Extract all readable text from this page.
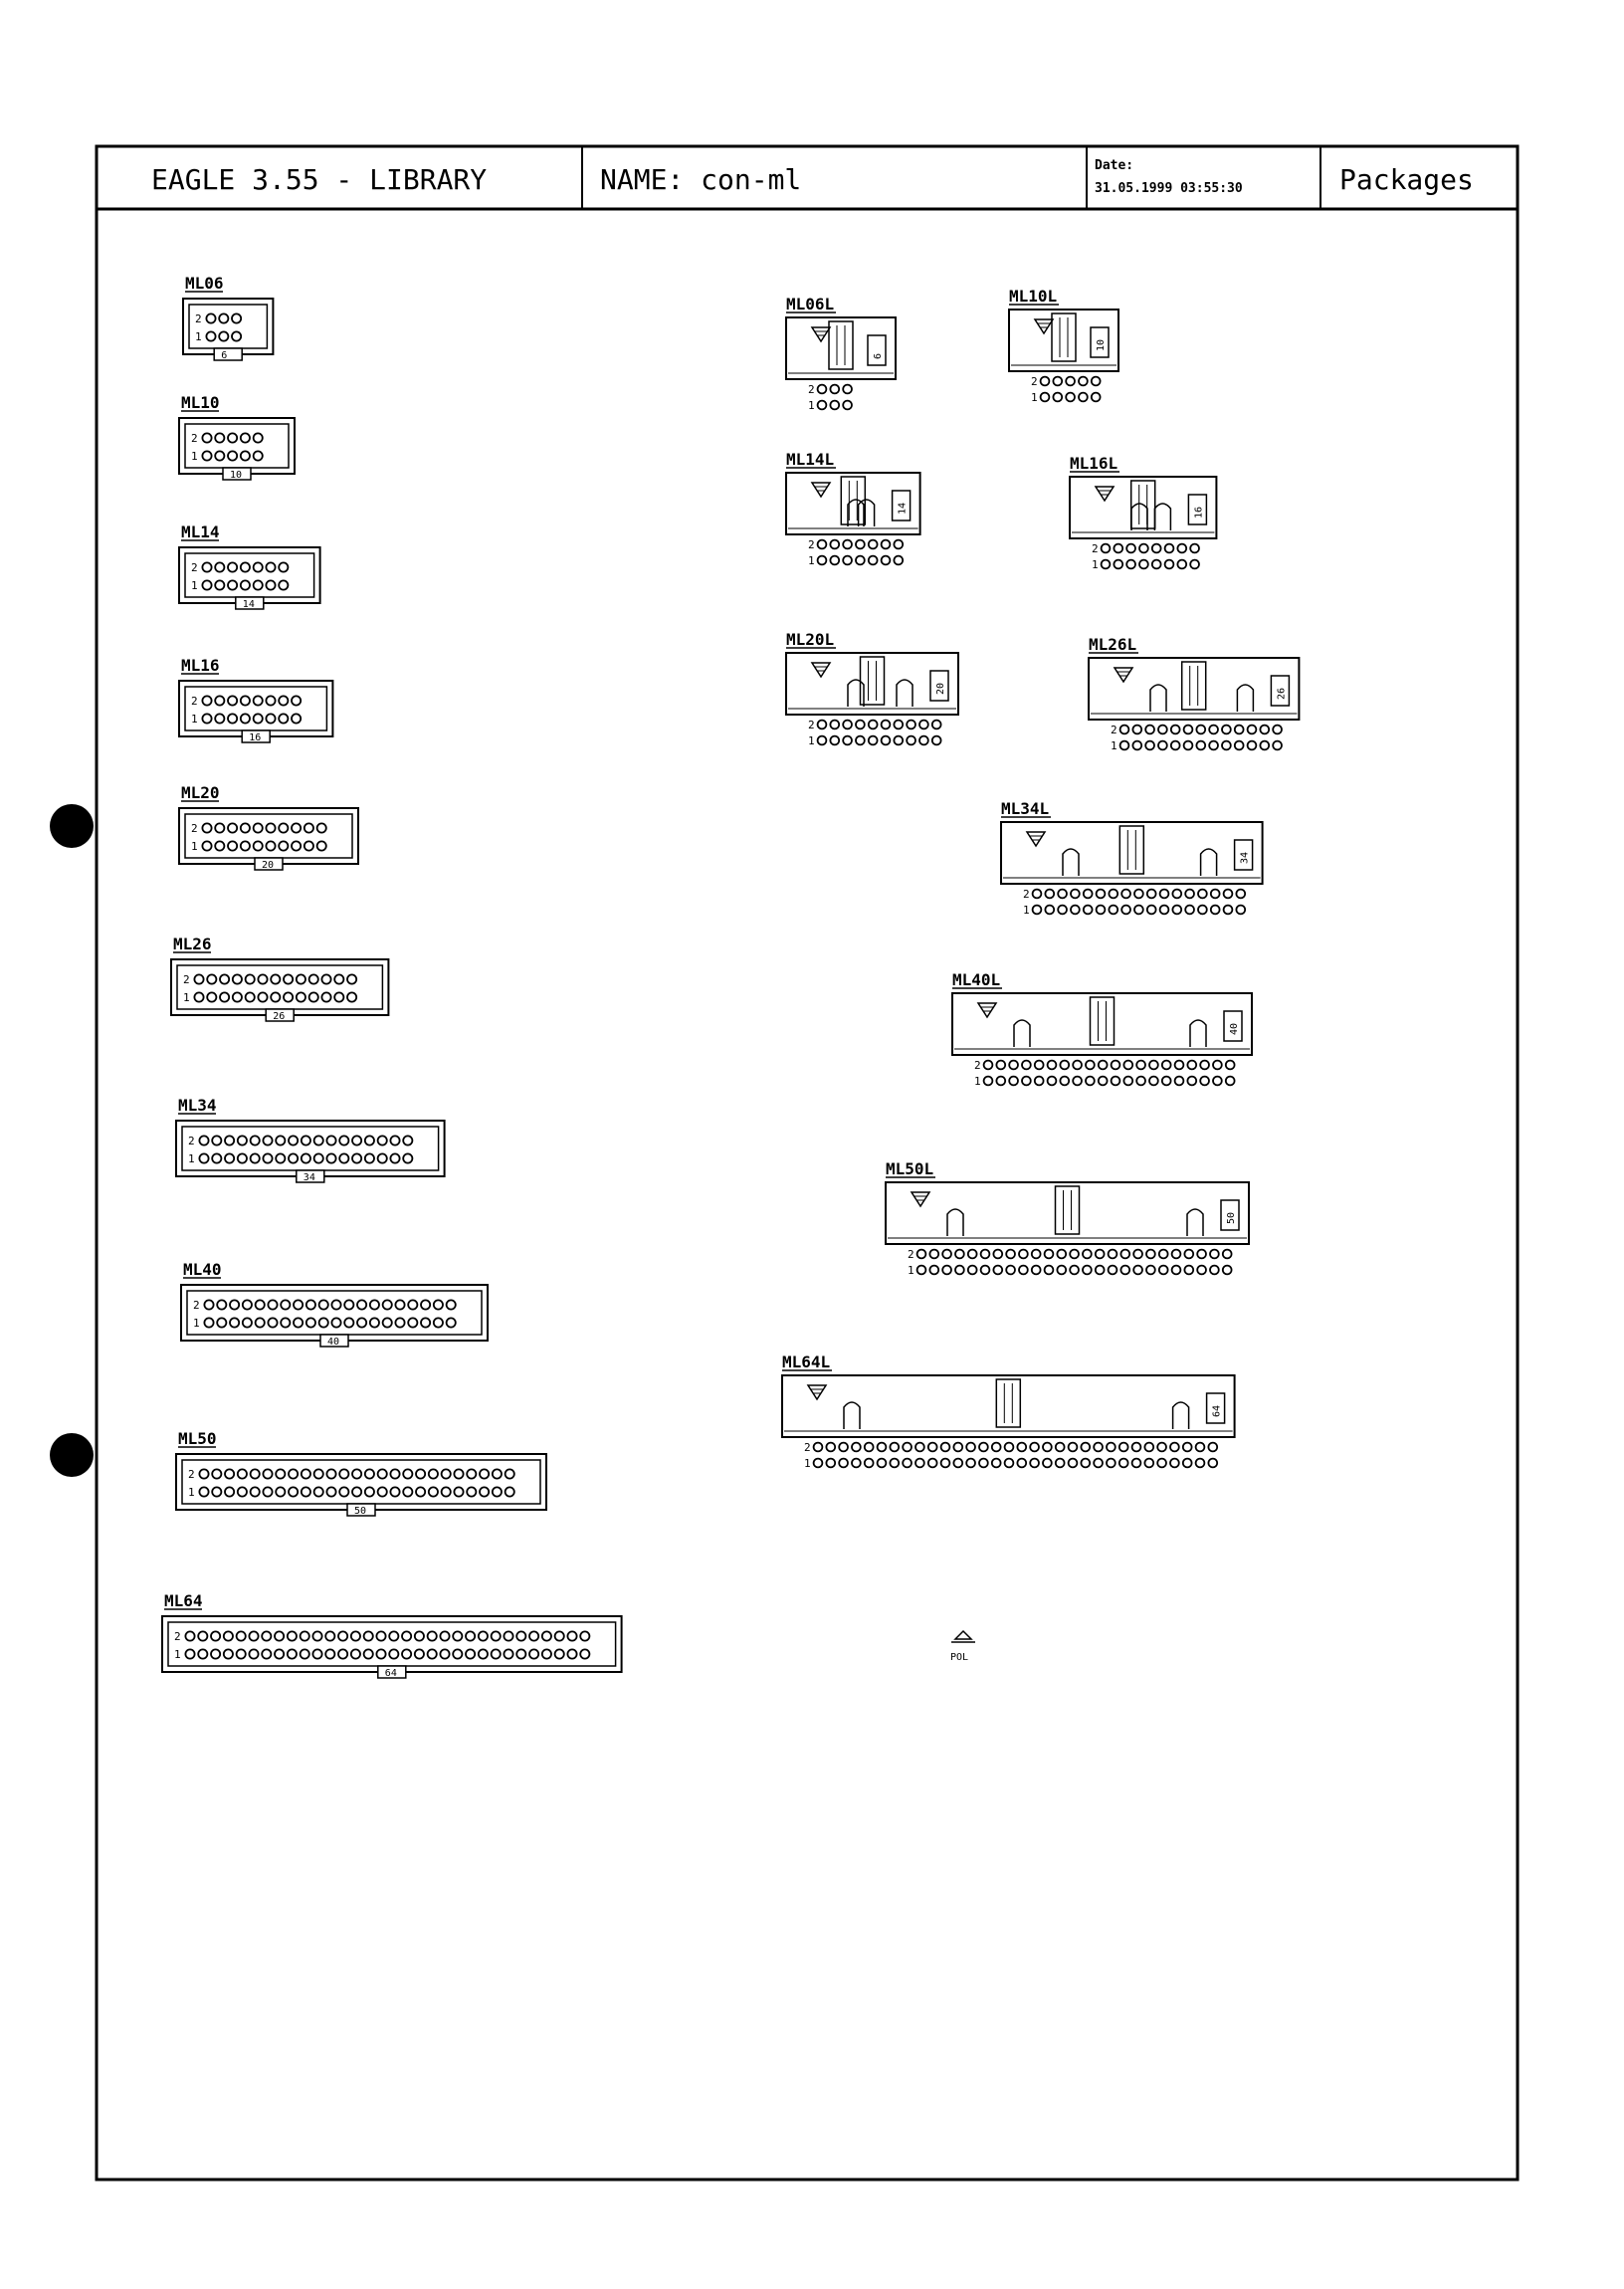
EAGLE 3.55 - LIBRARY	NAME: con-ml	Date:
31.05.1999 03:55:30	Packages
POL
ML06
2
1
6
ML10
2
1
10
ML14
2
1
14
ML16
2
1
16
ML20
2
1
20
ML26
2
1
26
ML34
2
1
34
ML40
2
1
40
ML50
2
1
50
ML64
2
1
64
ML06L
6
2
1
ML10L
10
2
1
ML14L
14
2
1
ML16L
16
2
1
ML20L
20
2
1
ML26L
26
2
1
ML34L
34
2
1
ML40L
40
2
1
ML50L
50
2
1
ML64L
64
2
1
